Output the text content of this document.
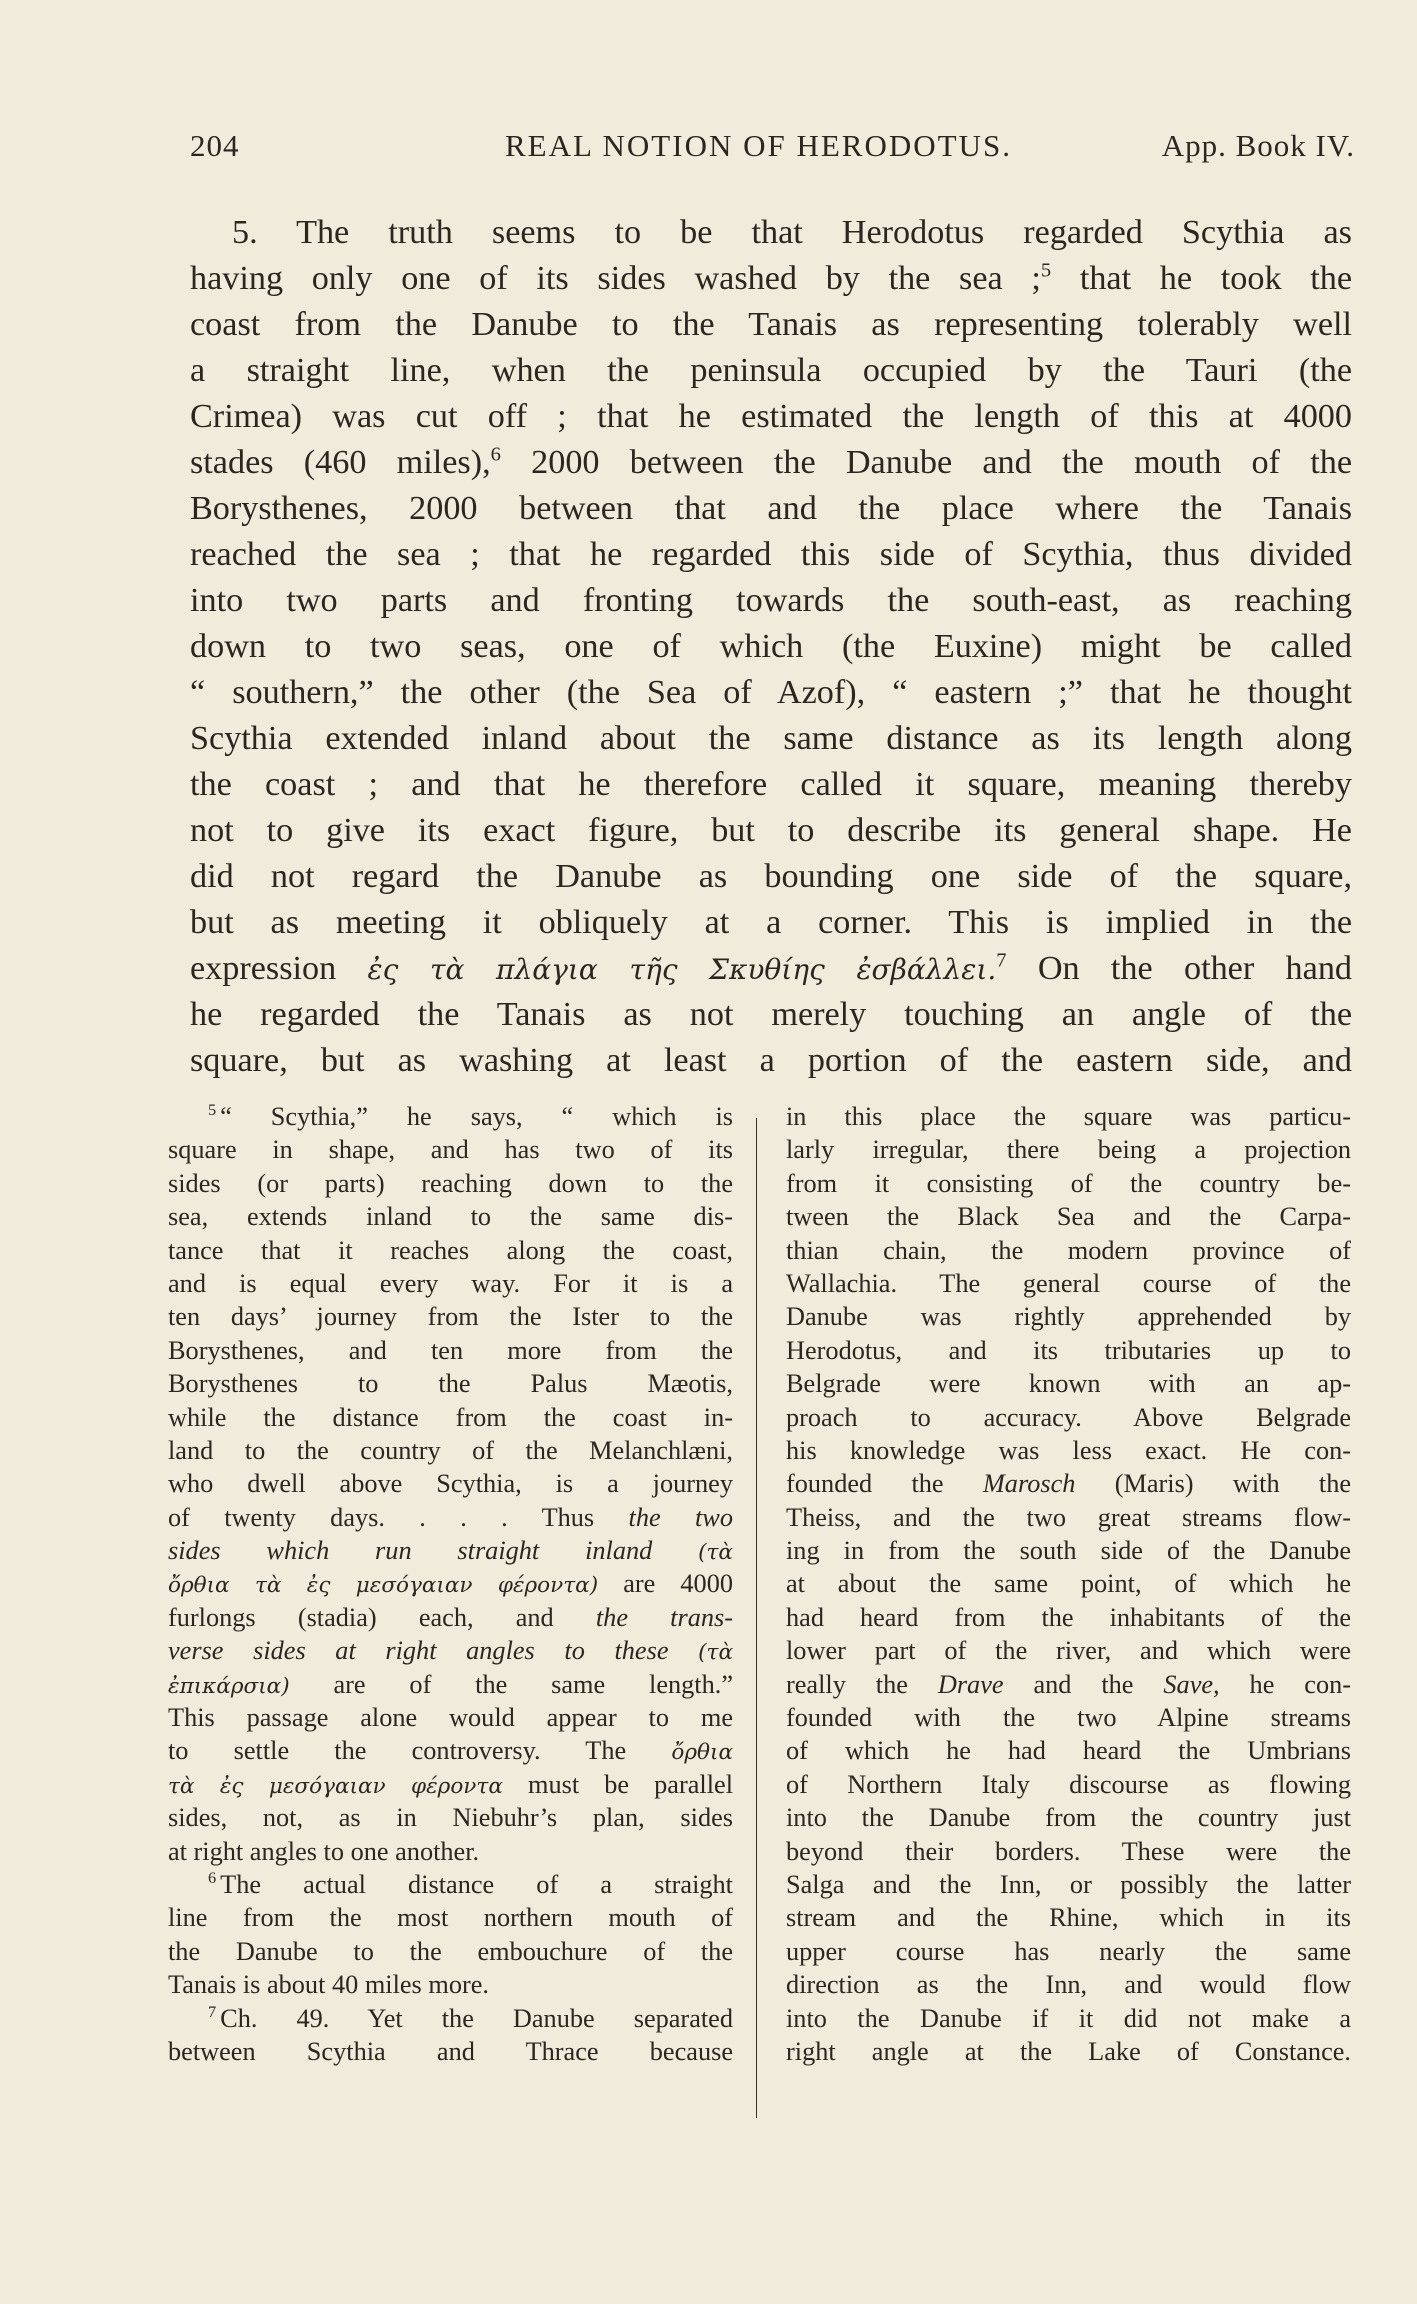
204	REAL NOTION OF HERODOTUS.	App. Book IV.
5. The truth seems to be that Herodotus regarded Scythia as
having only one of its sides washed by the sea ;$^5$ that he took the
coast from the Danube to the Tanais as representing tolerably well
a straight line, when the peninsula occupied by the Tauri (the
Crimea) was cut off ; that he estimated the length of this at 4000
stades (460 miles),$^6$ 2000 between the Danube and the mouth of the
Borysthenes, 2000 between that and the place where the Tanais
reached the sea ; that he regarded this side of Scythia, thus divided
into two parts and fronting towards the south-east, as reaching
down to two seas, one of which (the Euxine) might be called
“ southern,” the other (the Sea of Azof), “ eastern ;” that he thought
Scythia extended inland about the same distance as its length along
the coast ; and that he therefore called it square, meaning thereby
not to give its exact figure, but to describe its general shape. He
did not regard the Danube as bounding one side of the square,
but as meeting it obliquely at a corner. This is implied in the
expression ἐς τὰ πλάγια τῆς Σκυθίης ἐσβάλλει.$^7$ On the other hand
he regarded the Tanais as not merely touching an angle of the
square, but as washing at least a portion of the eastern side, and
$^5$ “ Scythia,” he says, “ which is
square in shape, and has two of its
sides (or parts) reaching down to the
sea, extends inland to the same dis-
tance that it reaches along the coast,
and is equal every way. For it is a
ten days’ journey from the Ister to the
Borysthenes, and ten more from the
Borysthenes to the Palus Mæotis,
while the distance from the coast in-
land to the country of the Melanchlæni,
who dwell above Scythia, is a journey
of twenty days. . . . Thus the two
sides which run straight inland (τὰ
ὄρθια τὰ ἐς μεσόγαιαν φέροντα) are 4000
furlongs (stadia) each, and the trans-
verse sides at right angles to these (τὰ
ἐπικάρσια) are of the same length.”
This passage alone would appear to me
to settle the controversy. The ὄρθια
τὰ ἐς μεσόγαιαν φέροντα must be parallel
sides, not, as in Niebuhr’s plan, sides
at right angles to one another.
$^6$ The actual distance of a straight
line from the most northern mouth of
the Danube to the embouchure of the
Tanais is about 40 miles more.
$^7$ Ch. 49. Yet the Danube separated
between Scythia and Thrace because
in this place the square was particu-
larly irregular, there being a projection
from it consisting of the country be-
tween the Black Sea and the Carpa-
thian chain, the modern province of
Wallachia. The general course of the
Danube was rightly apprehended by
Herodotus, and its tributaries up to
Belgrade were known with an ap-
proach to accuracy. Above Belgrade
his knowledge was less exact. He con-
founded the Marosch (Maris) with the
Theiss, and the two great streams flow-
ing in from the south side of the Danube
at about the same point, of which he
had heard from the inhabitants of the
lower part of the river, and which were
really the Drave and the Save, he con-
founded with the two Alpine streams
of which he had heard the Umbrians
of Northern Italy discourse as flowing
into the Danube from the country just
beyond their borders. These were the
Salga and the Inn, or possibly the latter
stream and the Rhine, which in its
upper course has nearly the same
direction as the Inn, and would flow
into the Danube if it did not make a
right angle at the Lake of Constance.
